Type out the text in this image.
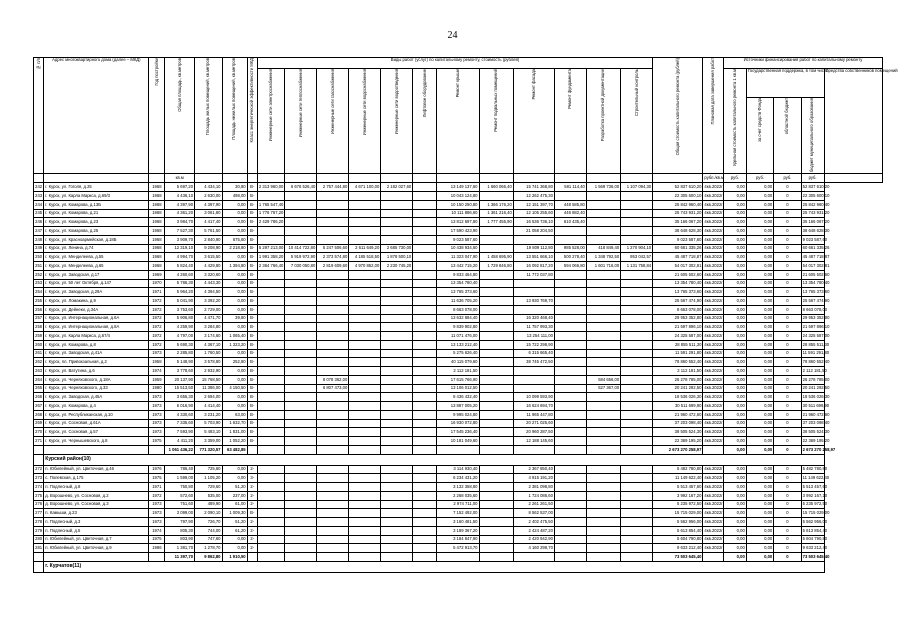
24
№ п/п	Адрес многоквартирного дома (далее – МКД)	Год постройки	Общая площадь, кв.метров	Площадь жилых помещений, кв.метров	Площадь нежилых помещений, кв.метров	Класс энергетической эффективности МКД	Виды работ (услуг) по капитальному ремонту, стоимость (рублей)												Общая стоимость капитального ремонта (рублей)	Плановая дата завершения работ	Источники финансирования работ по капитальному ремонту				
							Инженерные сети электроснабжения	Инженерные сети теплоснабжения	Инженерные сети газоснабжения	Инженерные сети водоснабжения	Инженерные сети водоотведения	Лифтовое оборудование	Ремонт крыши	Ремонт подвальных помещений	Ремонт фасада	Ремонт фундамента	Разработка проектной документации	Строительный контроль			Удельная стоимость капитального ремонта 1 кв.м	Государственная поддержка, в том числе			Средства собственников помещений
																						за счет средств Фонда	областной бюджет	бюджет муниципального образования	
			кв.м																	рубл./кв.м	руб.	руб.	руб.	руб.	
242	г. Курск, ул. Гоголя, д.25	1968	5 697,20	4 434,10	30,80	B-	2 313 960,00	6 676 526,40	2 757 444,80	4 671 100,00	2 182 027,60		13 149 137,60	1 660 066,40	15 741 368,80	581 114,40	1 569 736,00	1 107 094,30	52 837 610,20	4кв.2022г	0,00	0,00	0	52 837 610,20	
243	г. Курск, ул. Карла Маркса, д.69/3	1968	4 436,10	2 630,00	498,00	B-							10 043 124,80		12 262 475,30				22 305 600,10	4кв.2022г	0,00	0,00	0	22 305 600,10	
244	г. Курск, ул. Комарова, д.13Б	1968	4 397,90	4 397,90	0,00	B-	1 765 547,40						10 150 250,80	1 366 176,20	12 151 397,70	448 585,80			25 842 960,40	4кв.2022г	0,00	0,00	0	25 842 960,40	
245	г. Курск, ул. Комарова, д.21	1968	4 361,20	3 061,80	0,00	B-	1 776 767,20						10 111 886,60	1 361 216,40	12 105 255,60	446 882,40			25 743 931,20	4кв.2022г	0,00	0,00	0	25 743 931,20	
246	г. Курск, ул. Комарова, д.23	1968	3 984,70	4 417,40	0,00	B-	2 429 786,20						13 812 697,80	1 777 455,90	16 536 736,10	610 435,40			35 166 067,20	4кв.2022г	0,00	0,00	0	35 166 067,20	
247	г. Курск, ул. Комарова, д.25	1968	7 527,30	5 761,50	0,00	B-							17 590 423,90		21 058 204,50				38 648 628,30	4кв.2022г	0,00	0,00	0	38 648 628,30	
248	г. Курск, ул. Красноармейская, д.18Б	1968	3 909,70	2 840,90	675,60	B-							9 023 587,60						9 023 587,60	4кв.2022г	0,00	0,00	0	9 023 587,60	
249	г. Курск, ул. Ленина, д.74	1968	12 319,10	9 208,90	2 218,80	B-	5 297 213,00	10 414 722,80	5 247 506,60	2 611 649,20	2 685 730,00		10 438 934,60		19 809 112,80	985 528,00	418 849,40	1 270 904,10	60 661 335,26	4кв.2022г	0,00	0,00	0	60 661 335,26	
250	г. Курск, ул. Менделеева, д.55	1968	4 994,70	3 615,50	0,00	B-	1 991 358,20	5 919 972,90	2 373 574,80	4 185 518,50	1 878 500,10		11 323 047,90	1 458 695,90	13 551 666,10	500 278,40	1 348 792,50	953 042,57	45 487 718,87	4кв.2022г	0,00	0,00	0	45 487 718,87	
251	г. Курск, ул. Менделеева, д.65	1968	5 824,40	4 429,80	1 394,80	B-	2 364 766,40	7 030 050,80	2 819 609,60	4 970 862,00	2 230 745,20		13 442 715,20	1 729 846,80	16 092 817,20	594 066,80	1 601 716,00	1 131 758,84	54 017 302,81	4кв.2022г	0,00	0,00	0	54 017 302,81	
252	г. Курск, ул. Заводская, д.17	1969	4 260,60	3 320,60	0,00	B-							9 833 464,80		11 772 037,80				21 605 502,60	4кв.2022г	0,00	0,00	0	21 605 502,60	
253	г. Курск, ул. 50 лет Октября, д.147	1970	5 786,30	4 443,30	0,00	B-							13 354 780,40						13 354 780,40	4кв.2022г	0,00	0,00	0	13 354 780,40	
254	г. Курск, ул. Заводская, д.29А	1971	5 964,20	4 394,50	0,00	B-							13 765 373,60						13 765 373,60	4кв.2022г	0,00	0,00	0	13 765 373,60	
255	г. Курск, ул. Ломакина, д.9	1972	5 041,90	3 392,20	0,00	B-							11 636 705,20		13 930 769,70				25 567 474,90	4кв.2022г	0,00	0,00	0	25 567 474,90	
256	г. Курск, ул. Дейнеки, д.34А	1972	3 753,60	2 729,00	0,00	B-							8 663 078,00						8 663 078,00	4кв.2022г	0,00	0,00	0	8 663 078,00	
257	г. Курск, ул. Интернациональная, д.6А	1972	5 906,80	4 471,70	39,80	B-							13 632 884,40		16 320 468,40				29 953 352,80	4кв.2022г	0,00	0,00	0	29 953 352,80	
258	г. Курск, ул. Интернациональная, д.8А	1972	4 259,90	3 284,80	0,00	B-							9 839 902,80		11 757 993,30				21 597 896,10	4кв.2022г	0,00	0,00	0	21 597 896,10	
259	г. Курск, ул. Карла Маркса, д.67/4	1972	4 797,00	3 174,60	1 065,40	B-							11 071 476,00		13 254 111,00				24 325 587,00	4кв.2022г	0,00	0,00	0	24 325 587,00	
260	г. Курск, ул. Комарова, д.8	1972	5 690,30	4 367,10	1 323,20	B-							13 133 212,40		15 722 298,90				28 855 511,30	4кв.2022г	0,00	0,00	0	28 855 511,30	
261	г. Курск, ул. Заводская, д.41А	1973	2 285,80	1 760,50	0,00	B-							5 275 626,40		6 315 665,40				11 591 291,80	4кв.2022г	0,00	0,00	0	11 591 291,80	
262	г. Курск, пл. Привокзальная, д.2	1958	5 148,90	3 578,80	252,80	B-							40 115 079,60		38 745 472,50				78 860 552,40	4кв.2022г	0,00	0,00	0	78 860 552,40	
263	г. Курск, ул. Ватутина, д.6	1974	3 778,60	2 932,90	0,00	B-							2 112 181,50						2 112 181,50	4кв.2022г	0,00	0,00	0	2 112 181,50	
264	г. Курск, ул. Черняховского, д.18А	1959	20 137,90	15 768,50	0,00	B-			8 078 362,00				17 615 766,90				584 656,00		26 278 785,00	4кв.2022г	0,00	0,00	0	26 278 785,00	
265	г. Курск, ул. Черняховского, д.33	1980	15 513,50	11 386,00	4 150,50	B-			6 807 473,00				13 106 012,50				527 367,00		20 241 292,50	4кв.2022г	0,00	0,00	0	20 241 292,50	
266	г. Курск, ул. Заводская, д.45А	1973	3 655,30	2 694,00	0,00	B-							8 436 432,40		10 099 593,90				18 536 026,30	4кв.2022г	0,00	0,00	0	18 536 026,30	
267	г. Курск, ул. Комарова, д.4	1973	6 016,90	4 414,40	0,00	B-							13 887 005,20		16 624 694,70				30 511 699,90	4кв.2022г	0,00	0,00	0	30 511 699,90	
268	г. Курск, ул. Республиканская, д.10	1973	4 330,60	3 231,20	63,00	B-							9 995 024,80		11 965 447,80				21 960 472,60	4кв.2022г	0,00	0,00	0	21 960 472,60	
269	г. Курск, ул. Сосновая, д.61А	1973	7 335,60	5 703,90	1 632,70	B-							16 930 072,80		20 271 025,60				37 203 098,40	4кв.2022г	0,00	0,00	0	37 203 098,40	
270	г. Курск, ул. Сосновая, д.57	1973	7 593,90	5 483,10	1 831,00	B-							17 545 236,40		20 960 287,50				38 505 524,30	4кв.2022г	0,00	0,00	0	38 505 524,30	
271	г. Курск, ул. Чернышевского, д.8	1975	4 411,20	3 359,00	1 052,20	B-							10 181 049,60		12 188 145,60				22 369 195,20	4кв.2022г	0,00	0,00	0	22 369 195,20	
			1 061 436,22	771 320,57	63 482,85														2 673 270 258,97		0,00	0,00	0	2 673 270 258,97	
	Курский район(10)																								
272	п. Юбилейный, ул. Цветочная, д.46	1976	786,40	725,60	0,00	2-							3 114 930,40		2 367 850,40				5 482 780,80	4кв.2022г	0,00	0,00	0	5 482 780,80	
273	с. Полевская, д.175	1975	1 599,00	1 105,20	0,00	3-							6 234 431,20		4 915 191,20				11 149 622,40	4кв.2022г	0,00	0,00	0	11 149 622,40	
274	п. Подлесный, д.8	1971	750,80	729,60	51,20	2-							3 132 358,80		2 381 098,80				5 513 457,60	4кв.2022г	0,00	0,00	0	5 513 457,60	
275	д. Ворошнево, ул. Сосновая, д.2	1972	572,60	535,00	237,00	2-							2 268 035,60		1 724 086,60				3 992 167,20	4кв.2022г	0,00	0,00	0	3 992 167,20	
276	д. Ворошнево, ул. Сосновая, д.3	1973	751,60	489,90	61,00	2-							2 974 711,00		2 261 261,50				5 235 972,50	4кв.2022г	0,00	0,00	0	5 235 972,50	
277	п. Камыши, д.23	1973	3 099,00	2 090,10	1 009,30	B-							7 152 492,00		8 562 537,00				15 715 029,00	4кв.2022г	0,00	0,00	0	15 715 029,00	
278	п. Подлесный, д.3	1973	797,90	726,70	51,20	2-							3 160 481,50		2 402 475,50				5 562 956,00	4кв.2022г	0,00	0,00	0	5 562 956,00	
279	п. Подлесный, д.5	1974	805,30	744,00	61,20	2-							3 189 367,20		2 424 487,20				5 613 854,40	4кв.2022г	0,00	0,00	0	5 613 854,40	
280	п. Юбилейный, ул. Цветочная, д.7	1975	803,90	747,60	0,00	2-							3 184 847,90		2 420 942,90				5 604 790,80	4кв.2022г	0,00	0,00	0	5 604 790,80	
281	п. Юбилейный, ул. Цветочная, д.9	1986	1 381,70	1 278,70	0,00	2-							5 472 913,70		4 160 298,70				9 633 212,40	4кв.2022г	0,00	0,00	0	9 633 212,40	
			11 397,70	9 862,80	1 910,50														73 503 645,40		0,00	0,00	0	73 503 645,40	
	г. Курчатов(11)																								
